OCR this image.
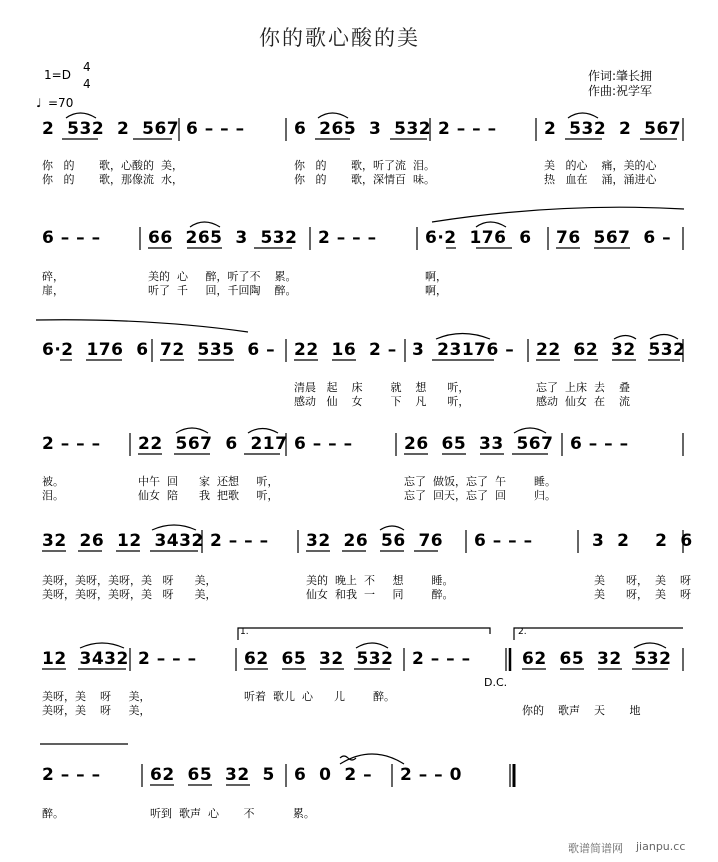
你的歌心酸的美
1=D
4
4
♩ =70
作词:肇长拥
作曲:祝学军
2  532  2  567 6 – – –	6  265  3  532 2 – – –	2  532  2  567
你   的       歌，心酸的  美，	你   的       歌，听了流  泪。	美   的心    痛，美的心
你   的       歌，那像流  水，	你   的       歌，深情百  味。	热   血在    涌，涌进心
6 – – –	66  265  3  532 2 – – –	6·2  176  6 76  567  6 –
碎，	美的  心     醉，听了不    累。	啊，
扉，	听了  千     回，千回陶    醉。	啊，
6·2  176  6 72  535  6 – 22  16  2 – 3  23176 – 22  62  32  532
清晨   起    床        就    想      听，	忘了  上床  去    叠
感动   仙    女        下    凡      听，	感动  仙女  在    流
2 – – – 22  567  6  217 6 – – –	26  65  33  567 6 – – –
被。	中午  回      家  还想     听，	忘了  做饭，忘了  午        睡。
泪。	仙女  陪      我  把歌     听，	忘了  回天，忘了  回        归。
32  26  12  3432 2 – – – 32  26  56  76 6 – – –	3  2    2  6
美呀，美呀，美呀，美   呀      美，	美的  晚上  不     想        睡。	美      呀，  美    呀
美呀，美呀，美呀，美   呀      美，	仙女  和我  一     同        醉。	美      呀，  美    呀
12  3432 2 – – –	62  65  32  532 2 – – –	62  65  32  532
1.	2.
D.C.
美呀，美    呀     美，	听着  歌儿  心      儿        醉。
美呀，美    呀     美，	你的    歌声    天       地
2 – – –	62  65  32  5 6  0  2 – 2 – – 0
醉。	听到  歌声  心       不           累。
歌谱简谱网 jianpu.cc
